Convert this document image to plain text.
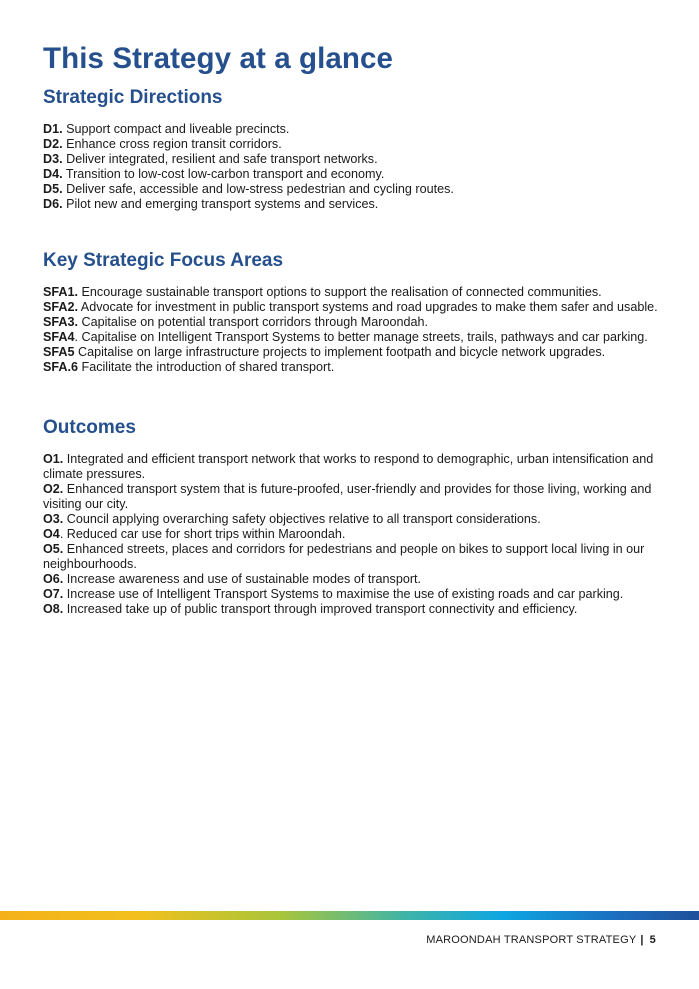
This Strategy at a glance
Strategic Directions
D1. Support compact and liveable precincts.
D2. Enhance cross region transit corridors.
D3. Deliver integrated, resilient and safe transport networks.
D4. Transition to low-cost low-carbon transport and economy.
D5. Deliver safe, accessible and low-stress pedestrian and cycling routes.
D6. Pilot new and emerging transport systems and services.
Key Strategic Focus Areas
SFA1. Encourage sustainable transport options to support the realisation of connected communities.
SFA2. Advocate for investment in public transport systems and road upgrades to make them safer and usable.
SFA3. Capitalise on potential transport corridors through Maroondah.
SFA4. Capitalise on Intelligent Transport Systems to better manage streets, trails, pathways and car parking.
SFA5 Capitalise on large infrastructure projects to implement footpath and bicycle network upgrades.
SFA.6 Facilitate the introduction of shared transport.
Outcomes
O1. Integrated and efficient transport network that works to respond to demographic, urban intensification and climate pressures.
O2. Enhanced transport system that is future-proofed, user-friendly and provides for those living, working and visiting our city.
O3. Council applying overarching safety objectives relative to all transport considerations.
O4. Reduced car use for short trips within Maroondah.
O5. Enhanced streets, places and corridors for pedestrians and people on bikes to support local living in our neighbourhoods.
O6. Increase awareness and use of sustainable modes of transport.
O7. Increase use of Intelligent Transport Systems to maximise the use of existing roads and car parking.
O8. Increased take up of public transport through improved transport connectivity and efficiency.
MAROONDAH TRANSPORT STRATEGY | 5
